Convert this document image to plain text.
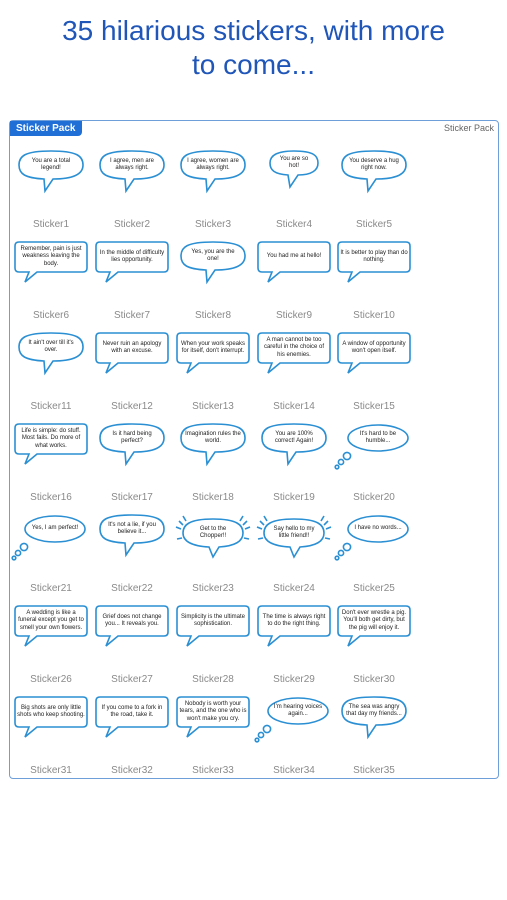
35 hilarious stickers, with more
to come...
Sticker Pack	Sticker Pack
You are a total legend!
Sticker1
I agree, men are always right.
Sticker2
I agree, women are always right.
Sticker3
You are so hot!
Sticker4
You deserve a hug right now.
Sticker5
Remember, pain is just weakness leaving the body.
Sticker6
In the middle of difficulty lies opportunity.
Sticker7
Yes, you are the one!
Sticker8
You had me at hello!
Sticker9
It is better to play than do nothing.
Sticker10
It ain't over till it's over.
Sticker11
Never ruin an apology with an excuse.
Sticker12
When your work speaks for itself, don't interrupt.
Sticker13
A man cannot be too careful in the choice of his enemies.
Sticker14
A window of opportunity won't open itself.
Sticker15
Life is simple: do stuff. Most fails. Do more of what works.
Sticker16
Is it hard being perfect?
Sticker17
Imagination rules the world.
Sticker18
You are 100% correct! Again!
Sticker19
It's hard to be humble...
Sticker20
Yes, I am perfect!
Sticker21
It's not a lie, if you believe it...
Sticker22
Get to the Chopper!!
Sticker23
Say hello to my little friend!!
Sticker24
I have no words...
Sticker25
A wedding is like a funeral except you get to smell your own flowers.
Sticker26
Grief does not change you... It reveals you.
Sticker27
Simplicity is the ultimate sophistication.
Sticker28
The time is always right to do the right thing.
Sticker29
Don't ever wrestle a pig. You'll both get dirty, but the pig will enjoy it.
Sticker30
Big shots are only little shots who keep shooting.
Sticker31
If you come to a fork in the road, take it.
Sticker32
Nobody is worth your tears, and the one who is won't make you cry.
Sticker33
I'm hearing voices again...
Sticker34
The sea was angry that day my friends...
Sticker35
